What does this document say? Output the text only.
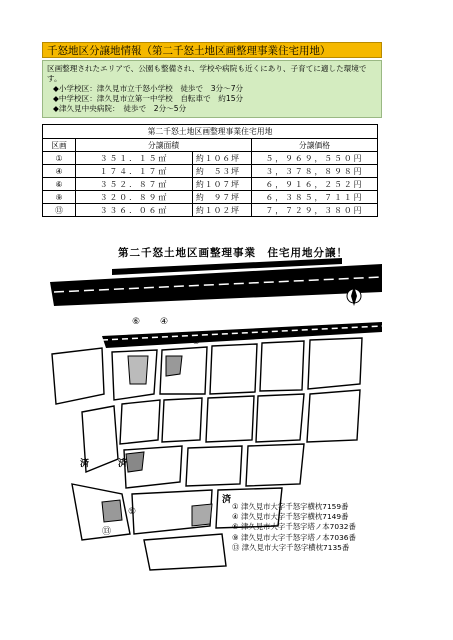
千怒地区分譲地情報（第二千怒土地区画整理事業住宅用地）
区画整理されたエリアで、公園も整備され、学校や病院も近くにあり、子育てに適した環境です。
◆小学校区：津久見市立千怒小学校　徒歩で　3分～7分
◆中学校区：津久見市立第一中学校　自転車で　約15分
◆津久見中央病院：　徒歩で　2分～5分
第二千怒土地区画整理事業住宅用地			
区画	分譲面積		分譲価格
①	３５１．１５㎡	約１０６坪	５，９６９，５５０円
④	１７４．１７㎡	約　５３坪	３，３７８，８９８円
⑥	３５２．８７㎡	約１０７坪	６，９１６，２５２円
⑨	３２０．８９㎡	約　９７坪	６，３８５，７１１円
⑬	３３６．０６㎡	約１０２坪	７，７２９，３８０円
①
④
⑥
⑨
⑬
済	済
済
第二千怒土地区画整理事業　住宅用地分譲！
① 津久見市大字千怒字横枕7159番
④ 津久見市大字千怒字横枕7149番
⑥ 津久見市大字千怒字塔ノ本7032番
⑨ 津久見市大字千怒字塔ノ本7036番
⑬ 津久見市大字千怒字横枕7135番
